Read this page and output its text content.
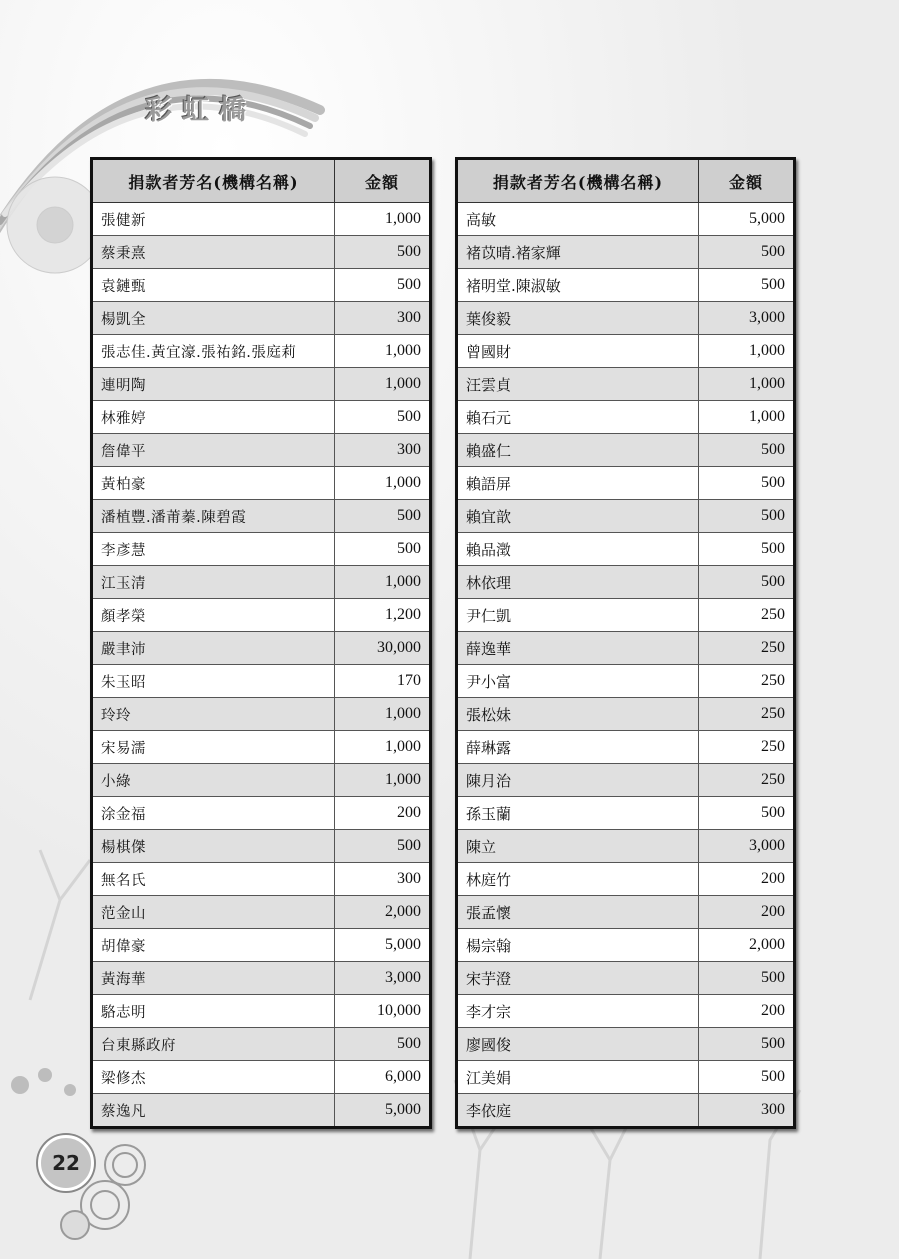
彩虹橋
捐款者芳名(機構名稱)	金額
張健新	1,000
蔡秉熹	500
袁鏈甄	500
楊凱全	300
張志佳.黃宜濠.張祐銘.張庭莉	1,000
連明陶	1,000
林雅婷	500
詹偉平	300
黃柏豪	1,000
潘植豐.潘莆蓁.陳碧霞	500
李彥慧	500
江玉清	1,000
顏孝榮	1,200
嚴聿沛	30,000
朱玉昭	170
玲玲	1,000
宋易濡	1,000
小綠	1,000
涂金福	200
楊棋傑	500
無名氏	300
范金山	2,000
胡偉豪	5,000
黃海華	3,000
駱志明	10,000
台東縣政府	500
梁修杰	6,000
蔡逸凡	5,000
捐款者芳名(機構名稱)	金額
高敏	5,000
褚苡晴.褚家輝	500
褚明堂.陳淑敏	500
葉俊毅	3,000
曾國財	1,000
汪雲貞	1,000
賴石元	1,000
賴盛仁	500
賴語屏	500
賴宜歆	500
賴品澂	500
林依理	500
尹仁凱	250
薛逸華	250
尹小富	250
張松妹	250
薛琳露	250
陳月治	250
孫玉蘭	500
陳立	3,000
林庭竹	200
張孟懷	200
楊宗翰	2,000
宋芋澄	500
李才宗	200
廖國俊	500
江美娟	500
李依庭	300
22
